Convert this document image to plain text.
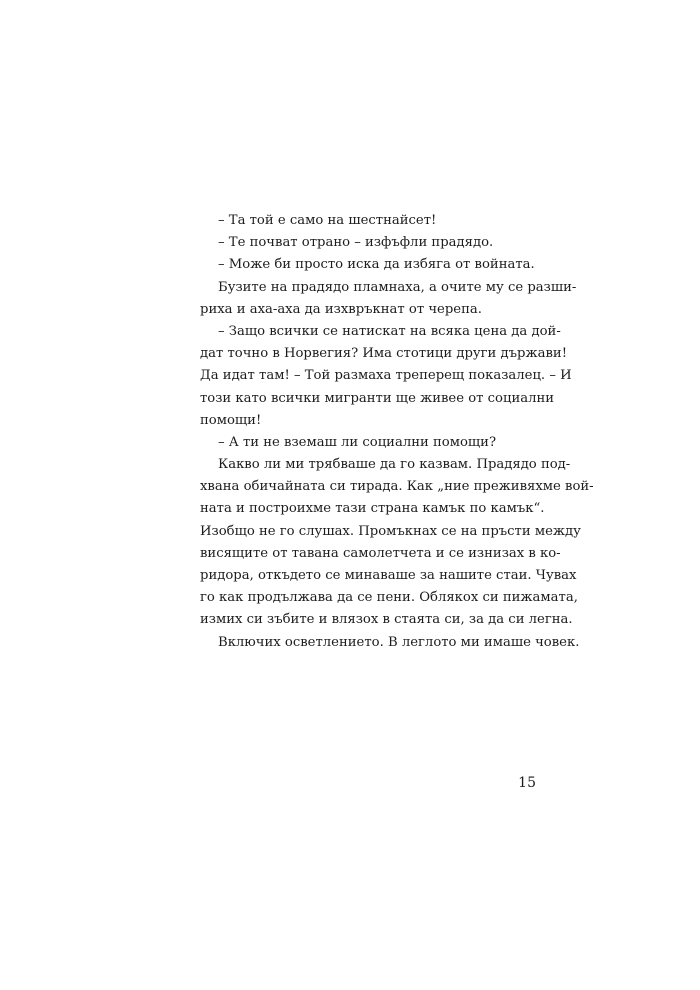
– Та той е само на шестнайсет!
– Те почват отрано – изфъфли прадядо.
– Може би просто иска да избяга от войната.
Бузите на прадядо пламнаха, а очите му се разши-
риха и аха-аха да изхвръкнат от черепа.
– Защо всички се натискат на всяка цена да дой-
дат точно в Норвегия? Има стотици други държави!
Да идат там! – Той размаха треперещ показалец. – И
този като всички мигранти ще живее от социални
помощи!
– А ти не вземаш ли социални помощи?
Какво ли ми трябваше да го казвам. Прадядо под-
хвана обичайната си тирада. Как „ние преживяхме вой-
ната и построихме тази страна камък по камък“.
Изобщо не го слушах. Промъкнах се на пръсти между
висящите от тавана самолетчета и се изнизах в ко-
ридора, откъдето се минаваше за нашите стаи. Чувах
го как продължава да се пени. Облякох си пижамата,
измих си зъбите и влязох в стаята си, за да си легна.
Включих осветлението. В леглото ми имаше човек.
15
